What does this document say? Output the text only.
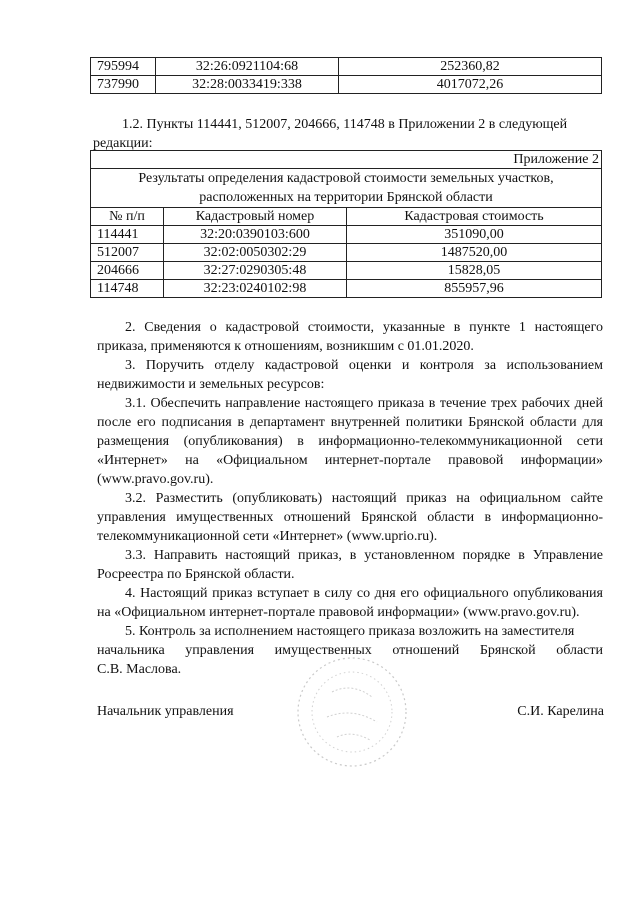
795994	32:26:0921104:68	252360,82
737990	32:28:0033419:338	4017072,26
1.2. Пункты 114441, 512007, 204666, 114748 в Приложении 2 в следующей
редакции:
Приложение 2		

Результаты определения кадастровой стоимости земельных участков,
расположенных на территории Брянской области		

№ п/п	Кадастровый номер	Кадастровая стоимость
114441	32:20:0390103:600	351090,00
512007	32:02:0050302:29	1487520,00
204666	32:27:0290305:48	15828,05
114748	32:23:0240102:98	855957,96

2. Сведения о кадастровой стоимости, указанные в пункте 1 настоящего приказа, применяются к отношениям, возникшим с 01.01.2020.

3. Поручить отделу кадастровой оценки и контроля за использованием недвижимости и земельных ресурсов:

3.1. Обеспечить направление настоящего приказа в течение трех рабочих дней после его подписания в департамент внутренней политики Брянской области для размещения (опубликования) в информационно-телекоммуникационной сети «Интернет» на «Официальном интернет-портале правовой информации» (www.pravo.gov.ru).

3.2. Разместить (опубликовать) настоящий приказ на официальном сайте управления имущественных отношений Брянской области в информационно-телекоммуникационной сети «Интернет» (www.uprio.ru).

3.3. Направить настоящий приказ, в установленном порядке в Управление Росреестра по Брянской области.

4. Настоящий приказ вступает в силу со дня его официального опубликования на «Официальном интернет-портале правовой информации» (www.pravo.gov.ru).

5. Контроль за исполнением настоящего приказа возложить на заместителя

начальника управления имущественных отношений Брянской области

С.В. Маслова.

Начальник управления	С.И. Карелина
